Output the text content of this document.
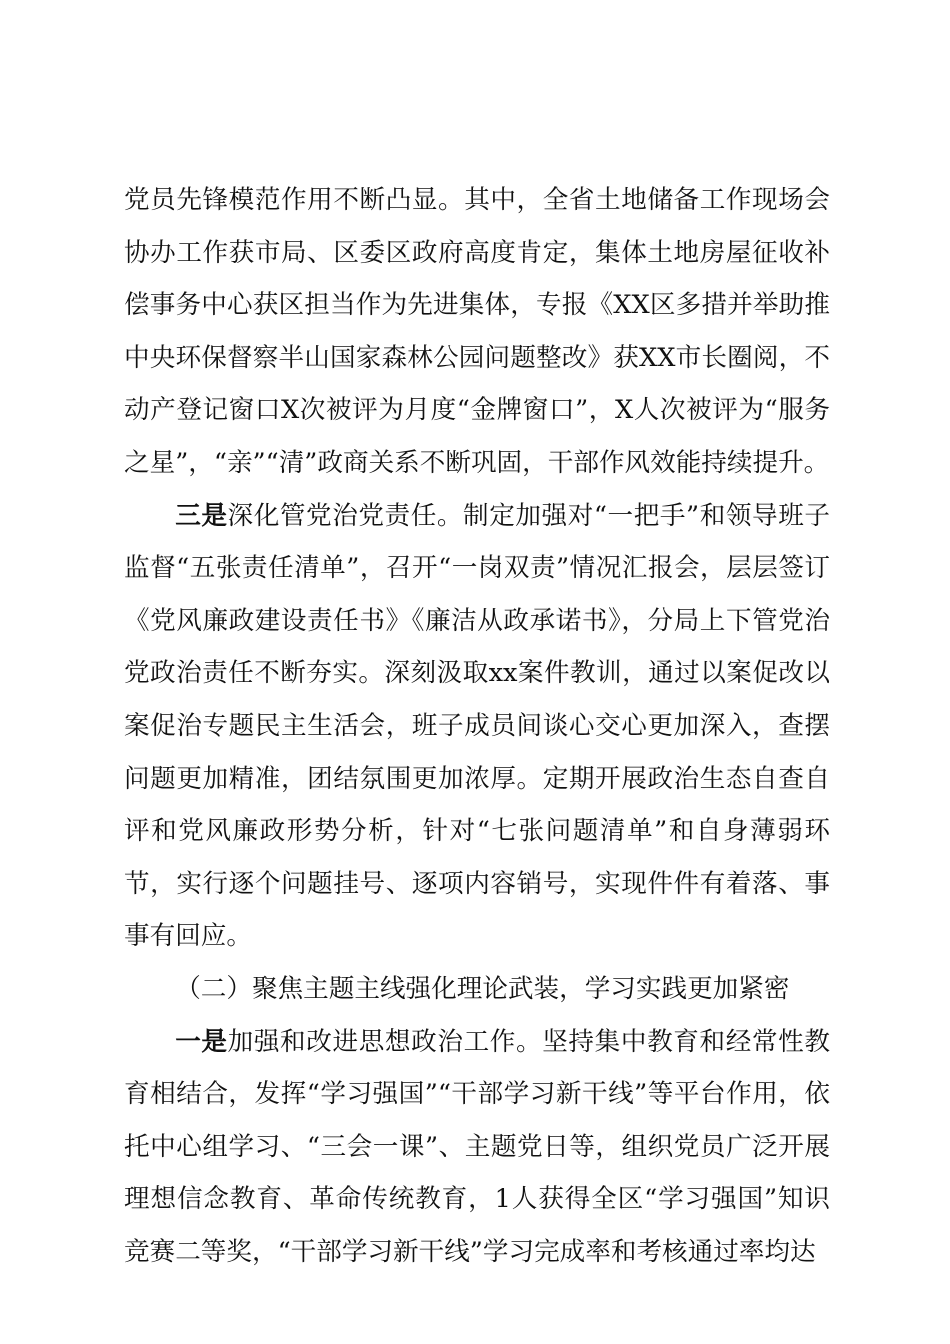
党员先锋模范作用不断凸显。其中，全省土地储备工作现场会协办工作获市局、区委区政府高度肯定，集体土地房屋征收补偿事务中心获区担当作为先进集体，专报《XX区多措并举助推中央环保督察半山国家森林公园问题整改》获XX市长圈阅，不动产登记窗口X次被评为月度“金牌窗口”，X人次被评为“服务之星”，“亲”“清”政商关系不断巩固，干部作风效能持续提升。

三是深化管党治党责任。制定加强对“一把手”和领导班子监督“五张责任清单”，召开“一岗双责”情况汇报会，层层签订《党风廉政建设责任书》《廉洁从政承诺书》，分局上下管党治党政治责任不断夯实。深刻汲取xx案件教训，通过以案促改以案促治专题民主生活会，班子成员间谈心交心更加深入，查摆问题更加精准，团结氛围更加浓厚。定期开展政治生态自查自评和党风廉政形势分析，针对“七张问题清单”和自身薄弱环节，实行逐个问题挂号、逐项内容销号，实现件件有着落、事事有回应。

（二）聚焦主题主线强化理论武装，学习实践更加紧密

一是加强和改进思想政治工作。坚持集中教育和经常性教育相结合，发挥“学习强国”“干部学习新干线”等平台作用，依托中心组学习、“三会一课”、主题党日等，组织党员广泛开展理想信念教育、革命传统教育，1人获得全区“学习强国”知识竞赛二等奖，“干部学习新干线”学习完成率和考核通过率均达
